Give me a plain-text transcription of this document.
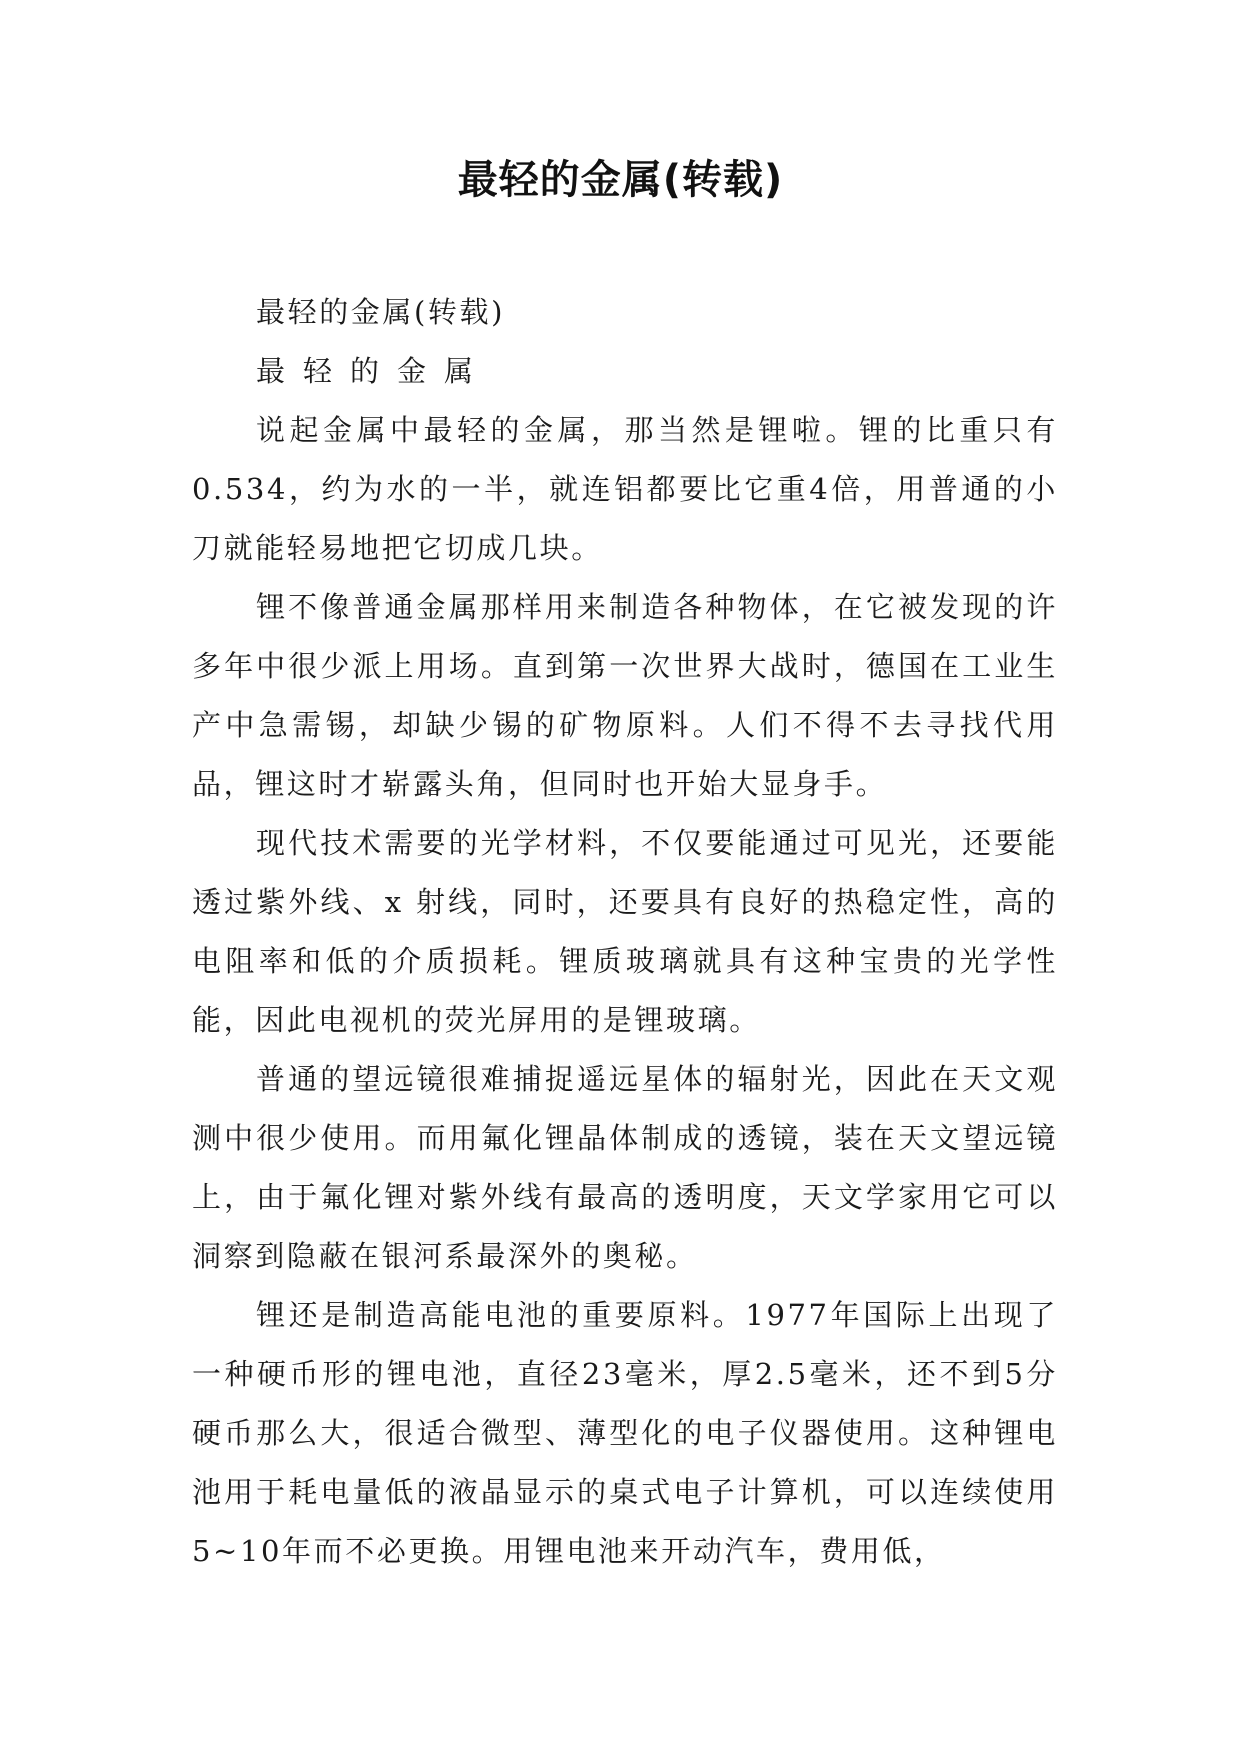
最轻的金属(转载)

最轻的金属(转载)

最轻的金属

说起金属中最轻的金属，那当然是锂啦。锂的比重只有0.534，约为水的一半，就连铝都要比它重4倍，用普通的小刀就能轻易地把它切成几块。

锂不像普通金属那样用来制造各种物体，在它被发现的许多年中很少派上用场。直到第一次世界大战时，德国在工业生产中急需锡，却缺少锡的矿物原料。人们不得不去寻找代用品，锂这时才崭露头角，但同时也开始大显身手。

现代技术需要的光学材料，不仅要能通过可见光，还要能透过紫外线、x 射线，同时，还要具有良好的热稳定性，高的电阻率和低的介质损耗。锂质玻璃就具有这种宝贵的光学性能，因此电视机的荧光屏用的是锂玻璃。

普通的望远镜很难捕捉遥远星体的辐射光，因此在天文观测中很少使用。而用氟化锂晶体制成的透镜，装在天文望远镜上，由于氟化锂对紫外线有最高的透明度，天文学家用它可以洞察到隐蔽在银河系最深外的奥秘。

锂还是制造高能电池的重要原料。1977年国际上出现了一种硬币形的锂电池，直径23毫米，厚2.5毫米，还不到5分硬币那么大，很适合微型、薄型化的电子仪器使用。这种锂电池用于耗电量低的液晶显示的桌式电子计算机，可以连续使用5~10年而不必更换。用锂电池来开动汽车，费用低，
